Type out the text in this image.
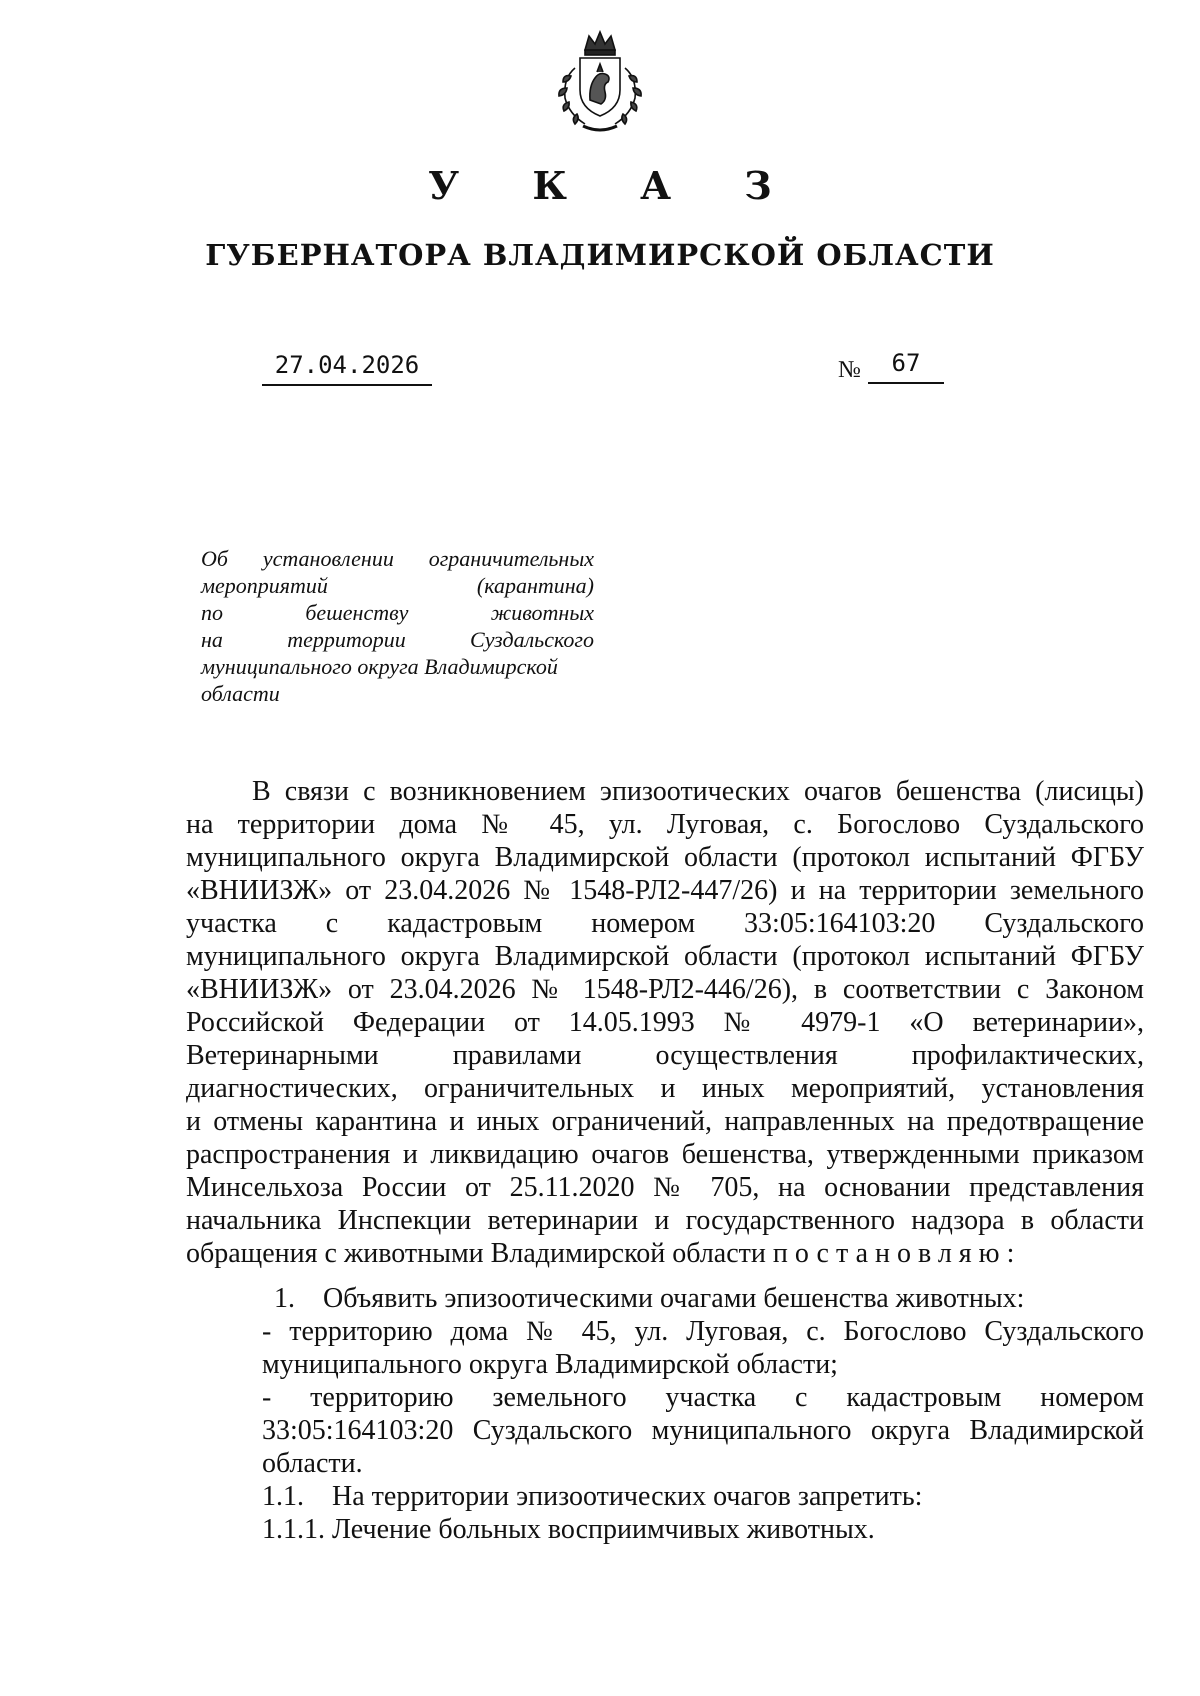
У К А З
ГУБЕРНАТОРА ВЛАДИМИРСКОЙ ОБЛАСТИ
27.04.2026	№	67
Об установлении ограничительных
мероприятий (карантина)
по бешенству животных
на территории Суздальского
муниципального округа Владимирской
области
В связи с возникновением эпизоотических очагов бешенства (лисицы)
на территории дома № 45, ул. Луговая, с. Богослово Суздальского
муниципального округа Владимирской области (протокол испытаний ФГБУ
«ВНИИЗЖ» от 23.04.2026 № 1548-РЛ2-447/26) и на территории земельного
участка с кадастровым номером 33:05:164103:20 Суздальского
муниципального округа Владимирской области (протокол испытаний ФГБУ
«ВНИИЗЖ» от 23.04.2026 № 1548-РЛ2-446/26), в соответствии с Законом
Российской Федерации от 14.05.1993 № 4979-1 «О ветеринарии»,
Ветеринарными правилами осуществления профилактических,
диагностических, ограничительных и иных мероприятий, установления
и отмены карантина и иных ограничений, направленных на предотвращение
распространения и ликвидацию очагов бешенства, утвержденными приказом
Минсельхоза России от 25.11.2020 № 705, на основании представления
начальника Инспекции ветеринарии и государственного надзора в области
обращения с животными Владимирской области постановляю:
1. Объявить эпизоотическими очагами бешенства животных:
- территорию дома № 45, ул. Луговая, с. Богослово Суздальского
муниципального округа Владимирской области;
- территорию земельного участка с кадастровым номером
33:05:164103:20 Суздальского муниципального округа Владимирской
области.
1.1. На территории эпизоотических очагов запретить:
1.1.1. Лечение больных восприимчивых животных.
